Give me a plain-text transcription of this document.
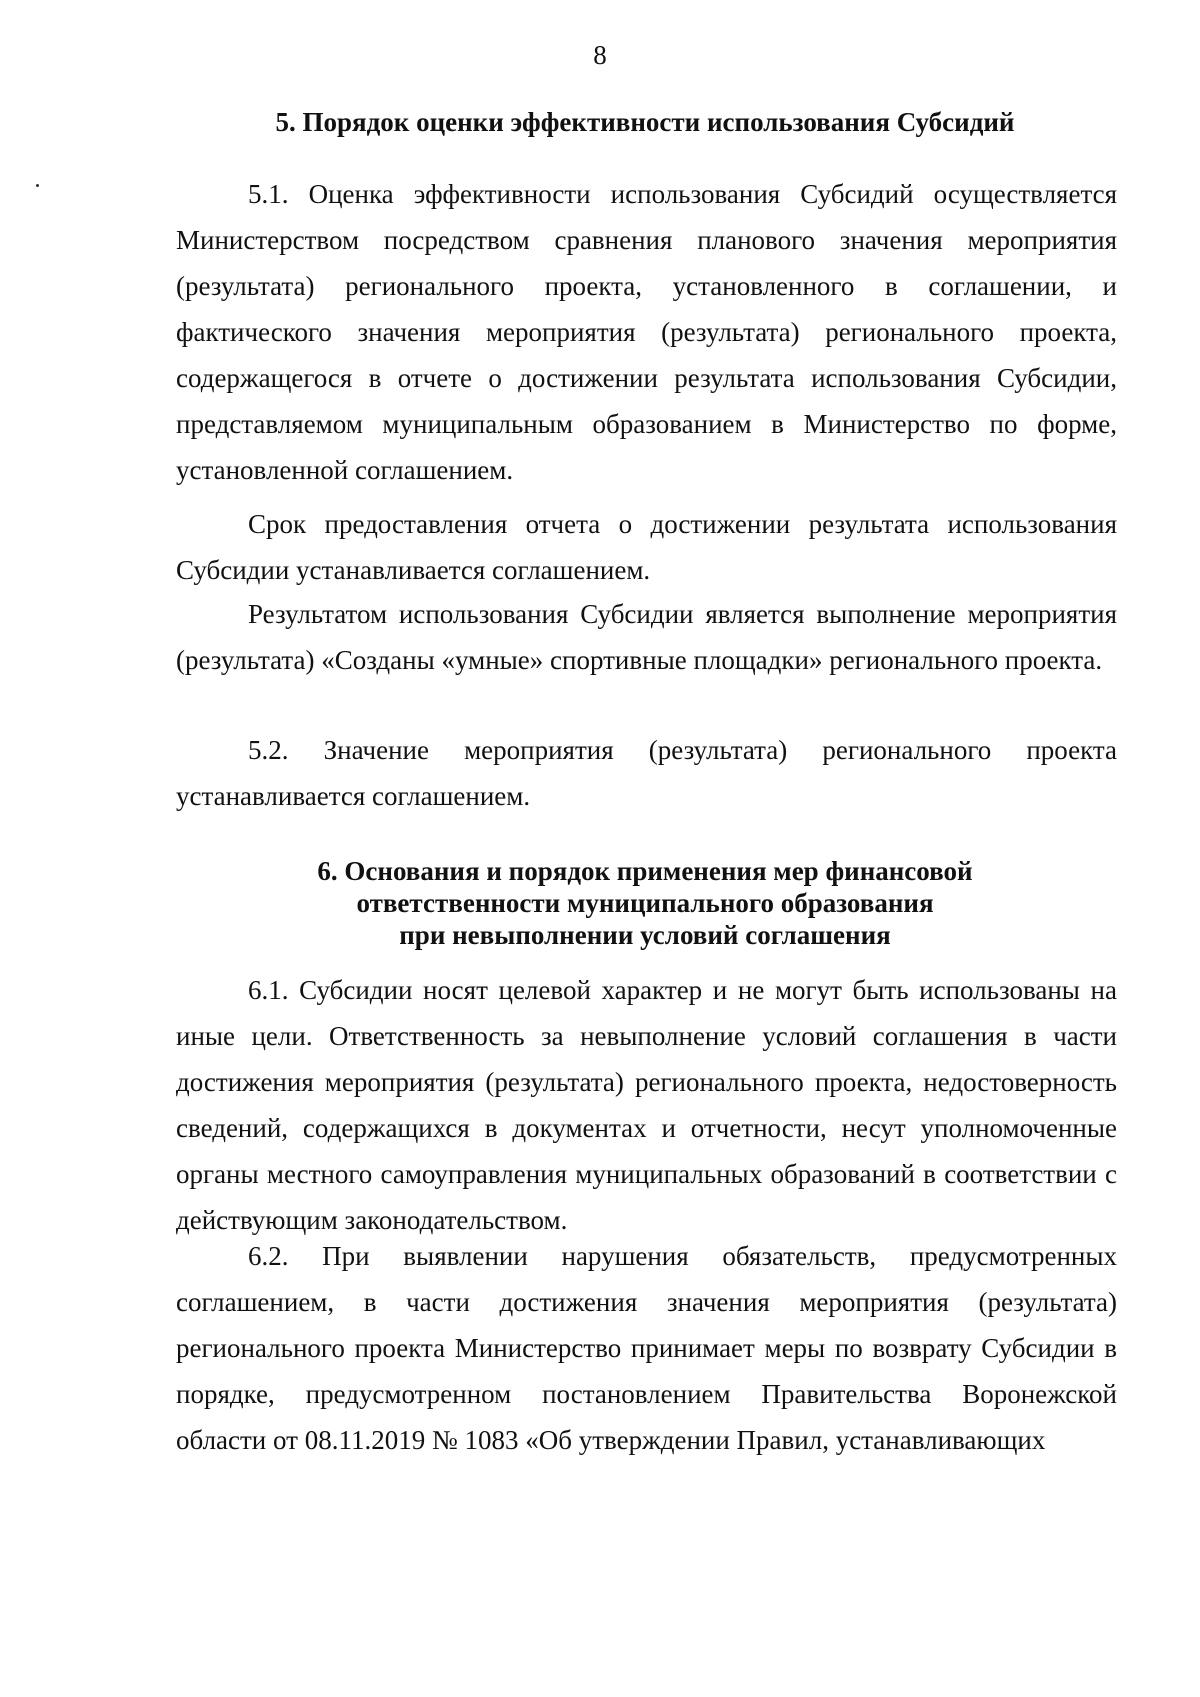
8
5. Порядок оценки эффективности использования Субсидий

5.1. Оценка эффективности использования Субсидий осуществляется Министерством посредством сравнения планового значения мероприятия (результата) регионального проекта, установленного в соглашении, и фактического значения мероприятия (результата) регионального проекта, содержащегося в отчете о достижении результата использования Субсидии, представляемом муниципальным образованием в Министерство по форме, установленной соглашением.

Срок предоставления отчета о достижении результата использования Субсидии устанавливается соглашением.

Результатом использования Субсидии является выполнение мероприятия (результата) «Созданы «умные» спортивные площадки» регионального проекта.

5.2. Значение мероприятия (результата) регионального проекта устанавливается соглашением.

6. Основания и порядок применения мер финансовой
ответственности муниципального образования
при невыполнении условий соглашения

6.1. Субсидии носят целевой характер и не могут быть использованы на иные цели. Ответственность за невыполнение условий соглашения в части достижения мероприятия (результата) регионального проекта, недостоверность сведений, содержащихся в документах и отчетности, несут уполномоченные органы местного самоуправления муниципальных образований в соответствии с действующим законодательством.

6.2. При выявлении нарушения обязательств, предусмотренных соглашением, в части достижения значения мероприятия (результата) регионального проекта Министерство принимает меры по возврату Субсидии в порядке, предусмотренном постановлением Правительства Воронежской области от 08.11.2019 № 1083 «Об утверждении Правил, устанавливающих
